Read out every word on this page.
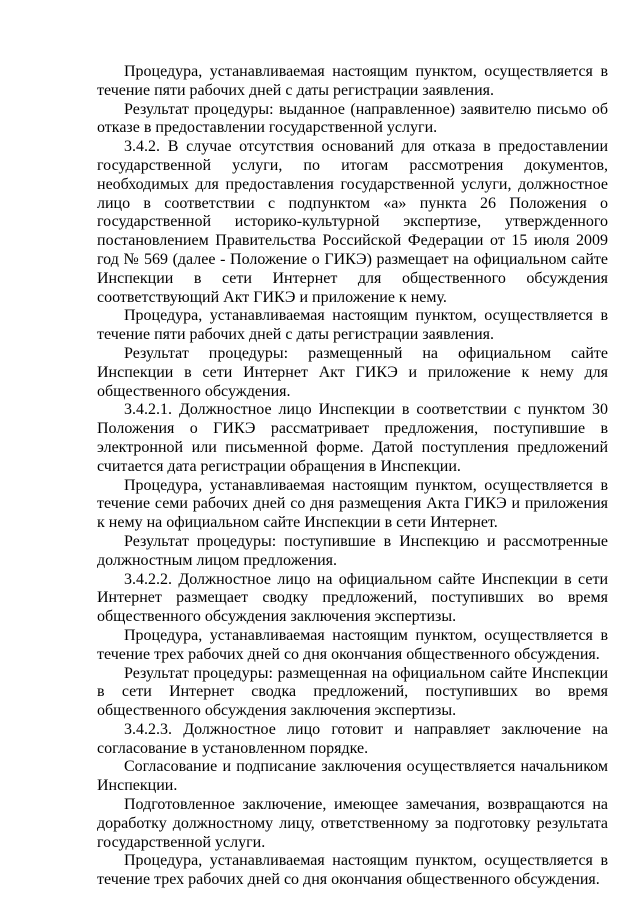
Процедура, устанавливаемая настоящим пунктом, осуществляется в течение пяти рабочих дней с даты регистрации заявления.

Результат процедуры: выданное (направленное) заявителю письмо об отказе в предоставлении государственной услуги.

3.4.2. В случае отсутствия оснований для отказа в предоставлении государственной услуги, по итогам рассмотрения документов, необходимых для предоставления государственной услуги, должностное лицо в соответствии с подпунктом «а» пункта 26 Положения о государственной историко-культурной экспертизе, утвержденного постановлением Правительства Российской Федерации от 15 июля 2009 год № 569 (далее - Положение о ГИКЭ) размещает на официальном сайте Инспекции в сети Интернет для общественного обсуждения соответствующий Акт ГИКЭ и приложение к нему.

Процедура, устанавливаемая настоящим пунктом, осуществляется в течение пяти рабочих дней с даты регистрации заявления.

Результат процедуры: размещенный на официальном сайте Инспекции в сети Интернет Акт ГИКЭ и приложение к нему для общественного обсуждения.

3.4.2.1. Должностное лицо Инспекции в соответствии с пунктом 30 Положения о ГИКЭ рассматривает предложения, поступившие в электронной или письменной форме. Датой поступления предложений считается дата регистрации обращения в Инспекции.

Процедура, устанавливаемая настоящим пунктом, осуществляется в течение семи рабочих дней со дня размещения Акта ГИКЭ и приложения к нему на официальном сайте Инспекции в сети Интернет.

Результат процедуры: поступившие в Инспекцию и рассмотренные должностным лицом предложения.

3.4.2.2. Должностное лицо на официальном сайте Инспекции в сети Интернет размещает сводку предложений, поступивших во время общественного обсуждения заключения экспертизы.

Процедура, устанавливаемая настоящим пунктом, осуществляется в течение трех рабочих дней со дня окончания общественного обсуждения.

Результат процедуры: размещенная на официальном сайте Инспекции в сети Интернет сводка предложений, поступивших во время общественного обсуждения заключения экспертизы.

3.4.2.3. Должностное лицо готовит и направляет заключение на согласование в установленном порядке.

Согласование и подписание заключения осуществляется начальником Инспекции.

Подготовленное заключение, имеющее замечания, возвращаются на доработку должностному лицу, ответственному за подготовку результата государственной услуги.

Процедура, устанавливаемая настоящим пунктом, осуществляется в течение трех рабочих дней со дня окончания общественного обсуждения.
